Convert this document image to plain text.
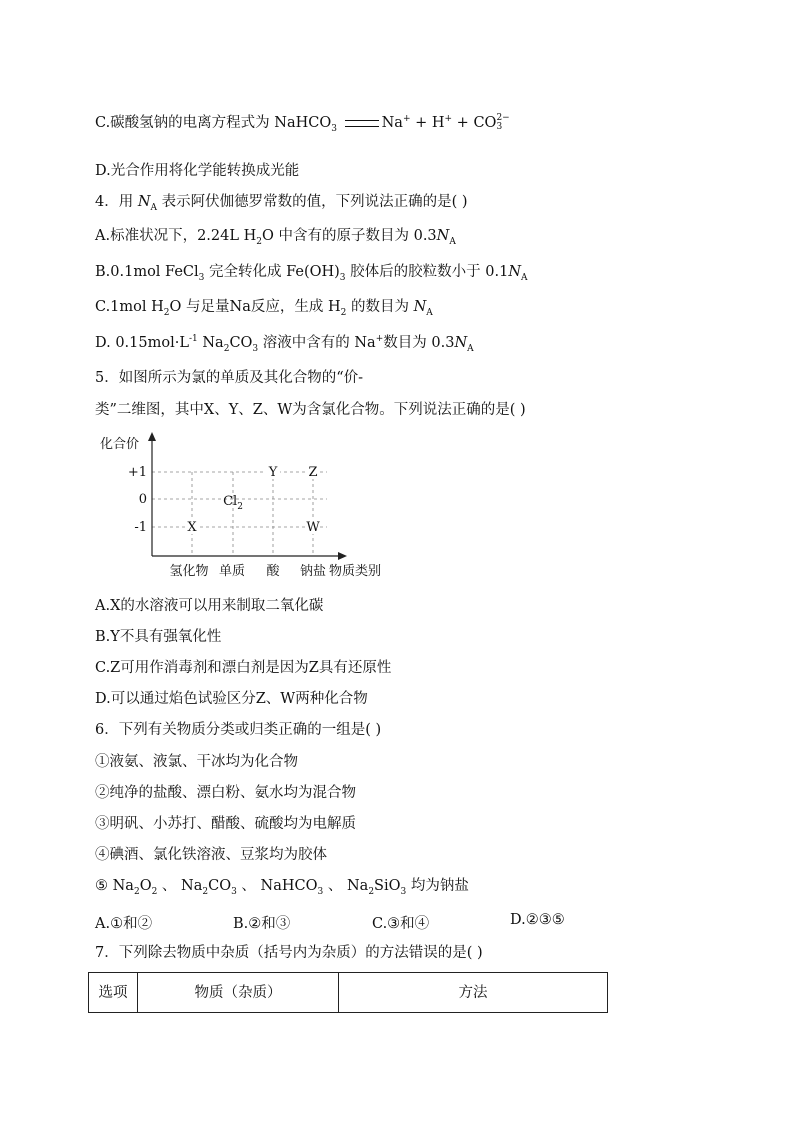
C.碳酸氢钠的电离方程式为 NaHCO$_3$	Na+ + H+ + CO 2−
3
D.光合作用将化学能转换成光能
4．用 $N_A$ 表示阿伏伽德罗常数的值，下列说法正确的是( )
A.标准状况下，2.24L $H_2O$ 中含有的原子数目为 $0.3N_A$
B.0.1mol FeCl$_3$ 完全转化成 $Fe(OH)_3$ 胶体后的胶粒数小于 $0.1N_A$
C.1mol $H_2O$ 与足量Na反应，生成 $H_2$ 的数目为 $N_A$
D. $0.15mol\cdot L^{-1}$ $Na_2CO_3$ 溶液中含有的 Na+数目为 $0.3N_A$
5．如图所示为氯的单质及其化合物的“价-
类”二维图，其中X、Y、Z、W为含氯化合物。下列说法正确的是( )
化合价
物质类别
+1
0
-1
氢化物 单质 酸 钠盐
Y Z
$Cl_2$
X	W
A.X的水溶液可以用来制取二氧化碳
B.Y不具有强氧化性
C.Z可用作消毒剂和漂白剂是因为Z具有还原性
D.可以通过焰色试验区分Z、W两种化合物
6．下列有关物质分类或归类正确的一组是( )
①液氨、液氯、干冰均为化合物
②纯净的盐酸、漂白粉、氨水均为混合物
③明矾、小苏打、醋酸、硫酸均为电解质
④碘酒、氯化铁溶液、豆浆均为胶体
⑤ $Na_2O_2$ 、 $Na_2CO_3$ 、 NaHCO$_3$ 、 $Na_2SiO_3$ 均为钠盐
A.①和②	B.②和③	C.③和④	D.②③⑤
7．下列除去物质中杂质（括号内为杂质）的方法错误的是( )
选项	物质（杂质）	方法
